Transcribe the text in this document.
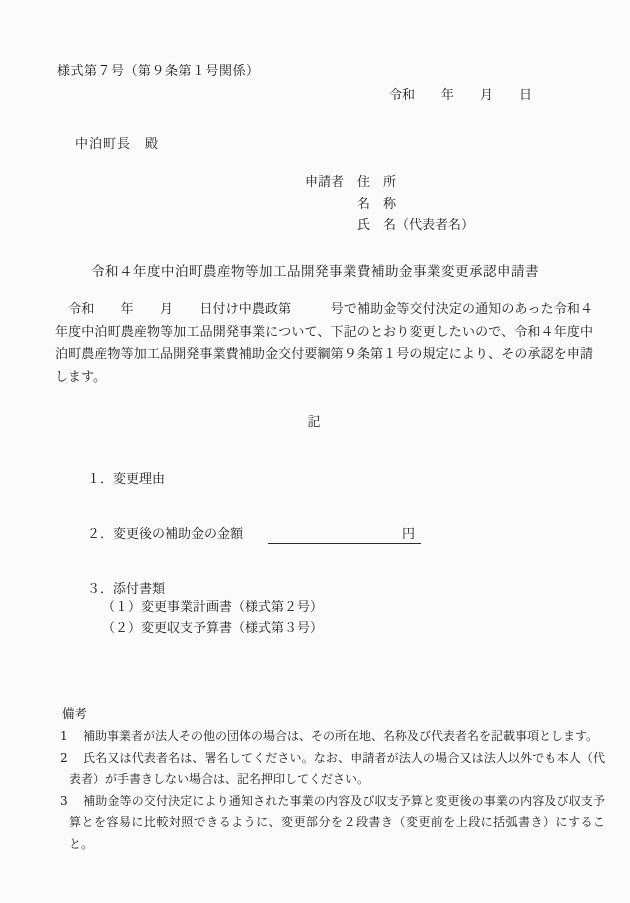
様式第７号（第９条第１号関係）
令和　　年　　月　　日
中泊町長　殿
申請者 住　所
名　称
氏　名（代表者名）
令和４年度中泊町農産物等加工品開発事業費補助金事業変更承認申請書
　令和　　年　　月　　日付け中農政第　　　号で補助金等交付決定の通知のあった令和４年度中泊町農産物等加工品開発事業について、下記のとおり変更したいので、令和４年度中泊町農産物等加工品開発事業費補助金交付要綱第９条第１号の規定により、その承認を申請します。
記
１．変更理由
２．変更後の補助金の金額	円
３．添付書類
（１）変更事業計画書（様式第２号）
（２）変更収支予算書（様式第３号）
備考
1 補助事業者が法人その他の団体の場合は、その所在地、名称及び代表者名を記載事項とします。
2 氏名又は代表者名は、署名してください。なお、申請者が法人の場合又は法人以外でも本人（代表者）が手書きしない場合は、記名押印してください。
3 補助金等の交付決定により通知された事業の内容及び収支予算と変更後の事業の内容及び収支予算とを容易に比較対照できるように、変更部分を２段書き（変更前を上段に括弧書き）にすること。
